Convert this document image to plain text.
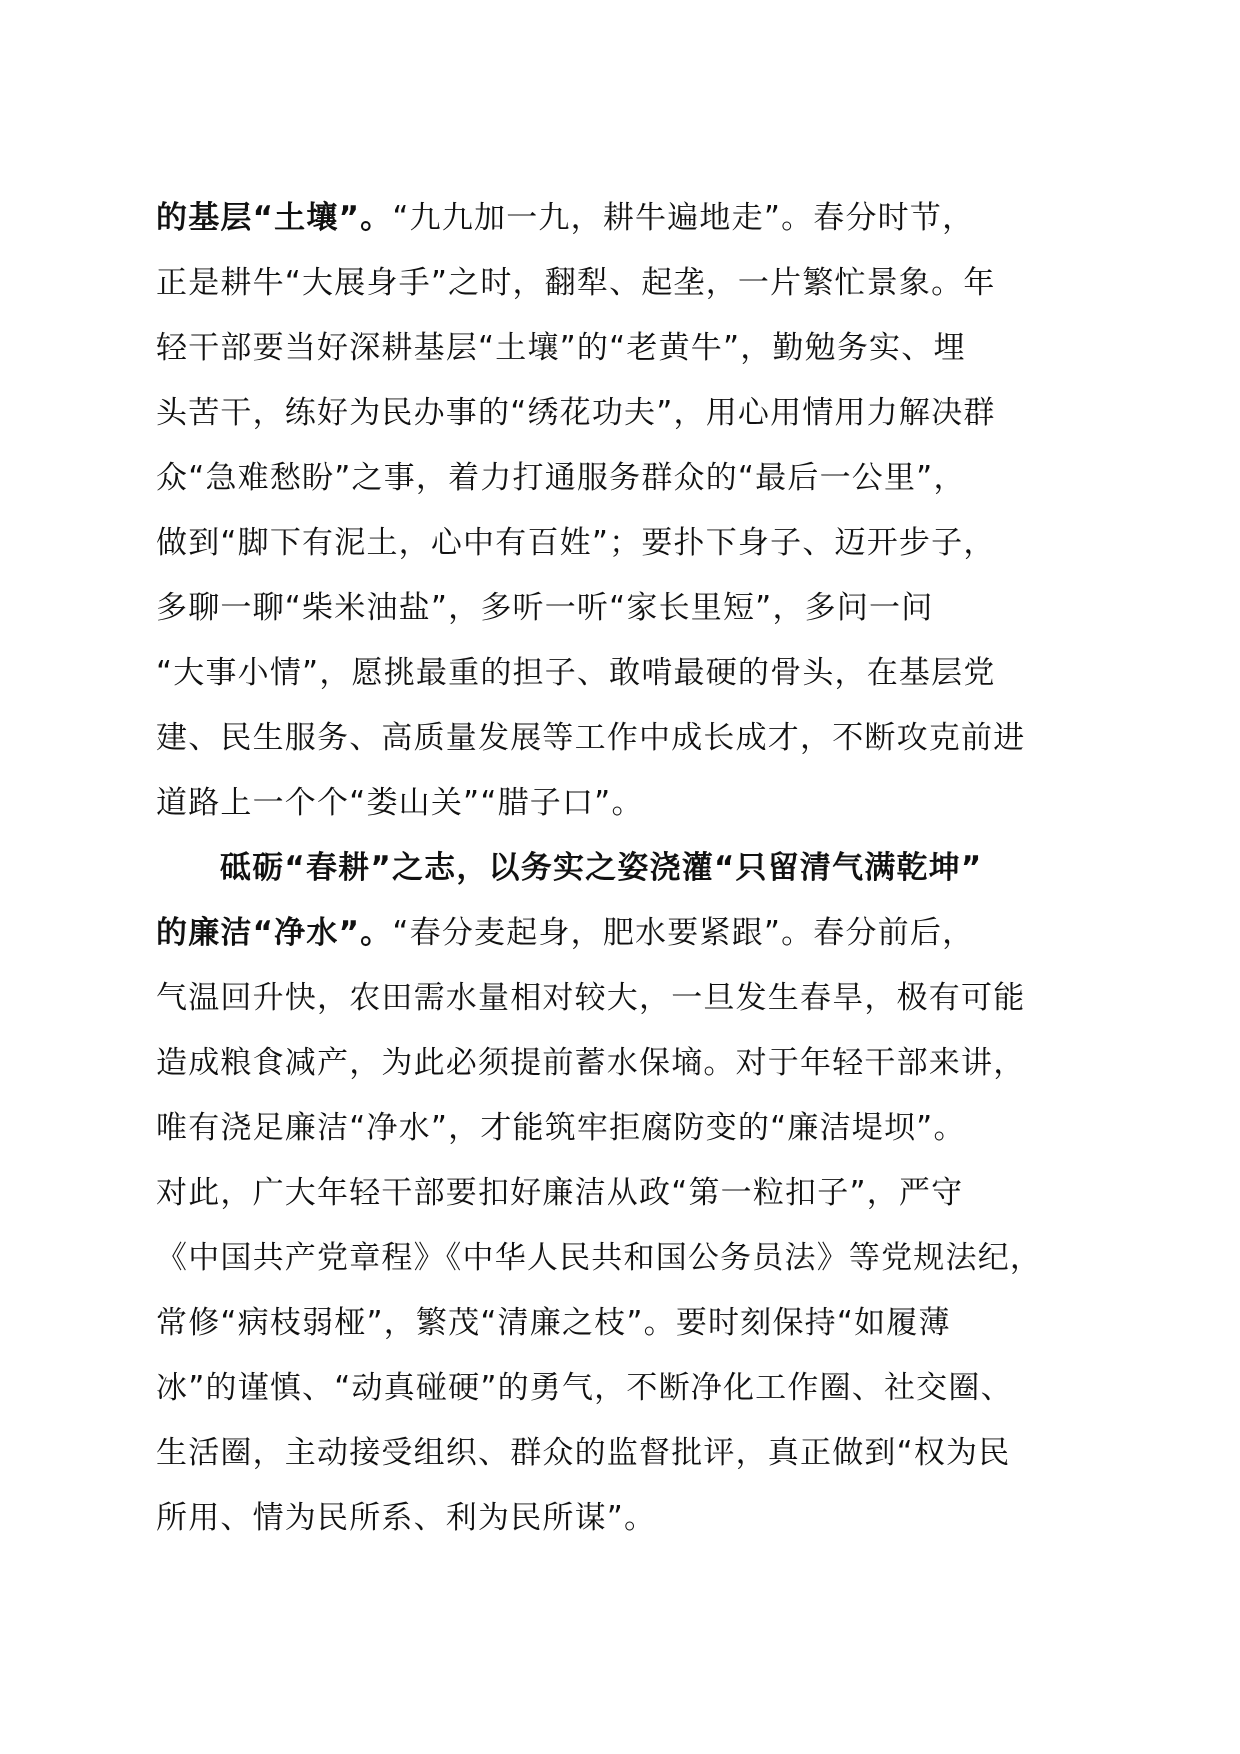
的基层“土壤”。“九九加一九，耕牛遍地走”。春分时节，
正是耕牛“大展身手”之时，翻犁、起垄，一片繁忙景象。年
轻干部要当好深耕基层“土壤”的“老黄牛”，勤勉务实、埋
头苦干，练好为民办事的“绣花功夫”，用心用情用力解决群
众“急难愁盼”之事，着力打通服务群众的“最后一公里”，
做到“脚下有泥土，心中有百姓”；要扑下身子、迈开步子，
多聊一聊“柴米油盐”，多听一听“家长里短”，多问一问
“大事小情”，愿挑最重的担子、敢啃最硬的骨头，在基层党
建、民生服务、高质量发展等工作中成长成才，不断攻克前进
道路上一个个“娄山关”“腊子口”。
砥砺“春耕”之志，以务实之姿浇灌“只留清气满乾坤”
的廉洁“净水”。“春分麦起身，肥水要紧跟”。春分前后，
气温回升快，农田需水量相对较大，一旦发生春旱，极有可能
造成粮食减产，为此必须提前蓄水保墒。对于年轻干部来讲，
唯有浇足廉洁“净水”，才能筑牢拒腐防变的“廉洁堤坝”。
对此，广大年轻干部要扣好廉洁从政“第一粒扣子”，严守
《中国共产党章程》《中华人民共和国公务员法》等党规法纪，
常修“病枝弱桠”，繁茂“清廉之枝”。要时刻保持“如履薄
冰”的谨慎、“动真碰硬”的勇气，不断净化工作圈、社交圈、
生活圈，主动接受组织、群众的监督批评，真正做到“权为民
所用、情为民所系、利为民所谋”。
